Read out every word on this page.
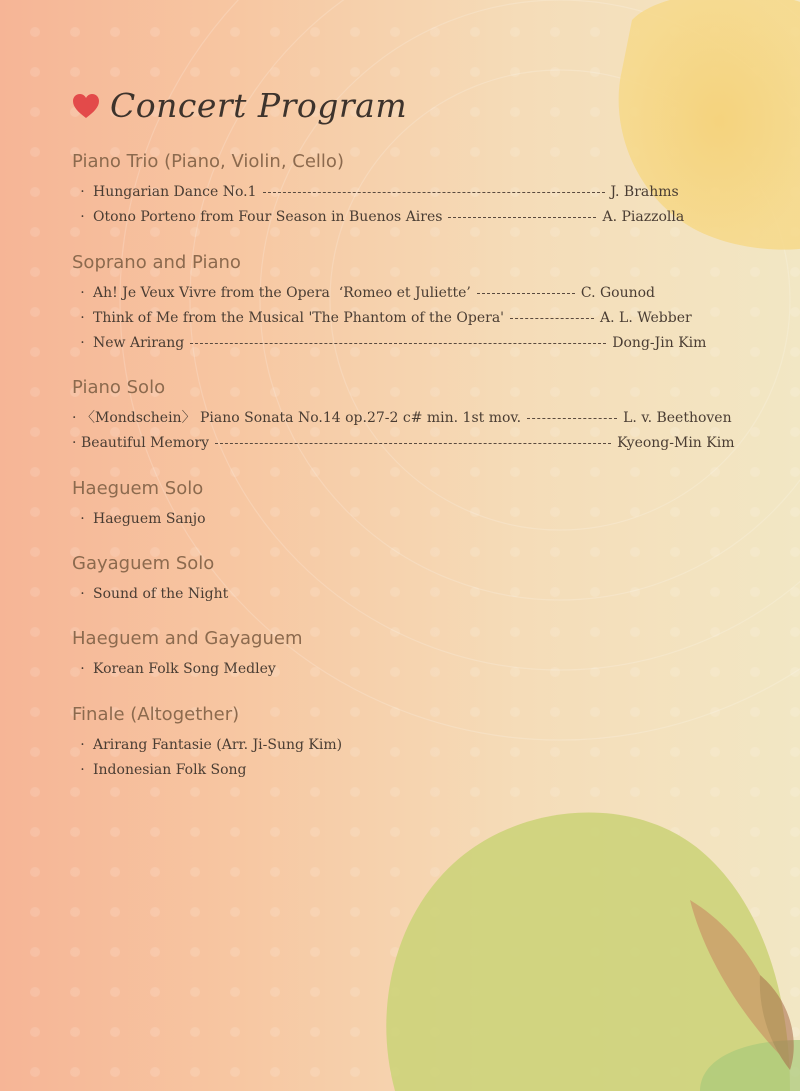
Concert Program
Piano Trio (Piano, Violin, Cello)
· Hungarian Dance No.1	J. Brahms
· Otono Porteno from Four Season in Buenos Aires	A. Piazzolla
Soprano and Piano
· Ah! Je Veux Vivre from the Opera  ‘Romeo et Juliette’	C. Gounod
· Think of Me from the Musical 'The Phantom of the Opera'	A. L. Webber
· New Arirang	Dong-Jin Kim
Piano Solo
· 〈Mondschein〉 Piano Sonata No.14 op.27-2 c# min. 1st mov.	L. v. Beethoven
· Beautiful Memory	Kyeong-Min Kim
Haeguem Solo
· Haeguem Sanjo
Gayaguem Solo
· Sound of the Night
Haeguem and Gayaguem
· Korean Folk Song Medley
Finale (Altogether)
· Arirang Fantasie (Arr. Ji-Sung Kim)
· Indonesian Folk Song
